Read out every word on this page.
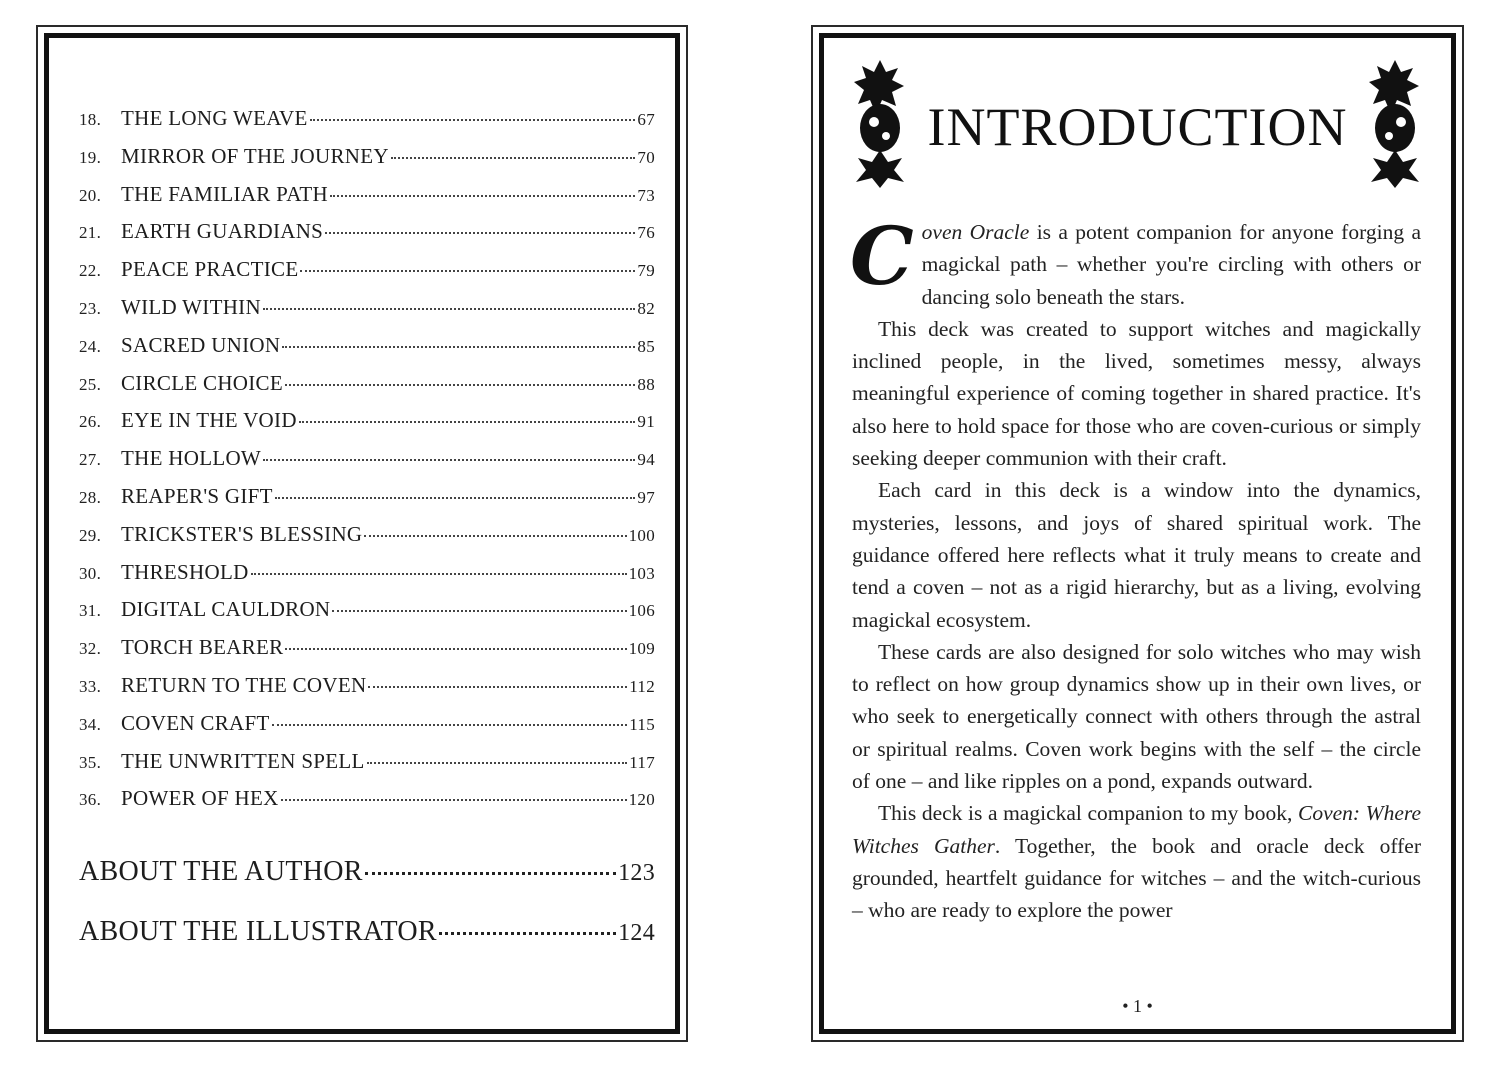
18. THE LONG WEAVE	67
19. MIRROR OF THE JOURNEY	70
20. THE FAMILIAR PATH	73
21. EARTH GUARDIANS	76
22. PEACE PRACTICE	79
23. WILD WITHIN	82
24. SACRED UNION	85
25. CIRCLE CHOICE	88
26. EYE IN THE VOID	91
27. THE HOLLOW	94
28. REAPER'S GIFT	97
29. TRICKSTER'S BLESSING	100
30. THRESHOLD	103
31. DIGITAL CAULDRON	106
32. TORCH BEARER	109
33. RETURN TO THE COVEN	112
34. COVEN CRAFT	115
35. THE UNWRITTEN SPELL	117
36. POWER OF HEX	120
ABOUT THE AUTHOR	123
ABOUT THE ILLUSTRATOR	124
INTRODUCTION

Coven Oracle is a potent companion for anyone forging a magickal path – whether you're circling with others or dancing solo beneath the stars.

This deck was created to support witches and magickally inclined people, in the lived, sometimes messy, always meaningful experience of coming together in shared practice. It's also here to hold space for those who are coven-curious or simply seeking deeper communion with their craft.

Each card in this deck is a window into the dynamics, mysteries, lessons, and joys of shared spiritual work. The guidance offered here reflects what it truly means to create and tend a coven – not as a rigid hierarchy, but as a living, evolving magickal ecosystem.

These cards are also designed for solo witches who may wish to reflect on how group dynamics show up in their own lives, or who seek to energetically connect with others through the astral or spiritual realms. Coven work begins with the self – the circle of one – and like ripples on a pond, expands outward.

This deck is a magickal companion to my book, Coven: Where Witches Gather. Together, the book and oracle deck offer grounded, heartfelt guidance for witches – and the witch-curious – who are ready to explore the power

• 1 •
